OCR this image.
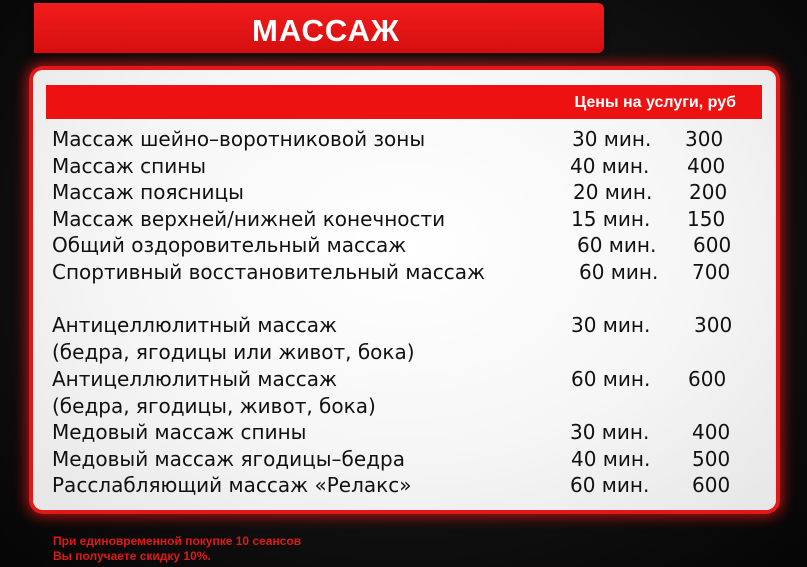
МАССАЖ
Цены на услуги, руб
Массаж шейно–воротниковой зоны	30 мин. 300
Массаж спины	40 мин. 400
Массаж поясницы	20 мин. 200
Массаж верхней/нижней конечности	15 мин. 150
Общий оздоровительный массаж	60 мин. 600
Спортивный восстановительный массаж	60 мин. 700
Антицеллюлитный массаж	30 мин. 300
(бедра, ягодицы или живот, бока)
Антицеллюлитный массаж	60 мин. 600
(бедра, ягодицы, живот, бока)
Медовый массаж спины	30 мин. 400
Медовый массаж ягодицы–бедра	40 мин. 500
Расслабляющий массаж «Релакс»	60 мин. 600
При единовременной покупке 10 сеансов
Вы получаете скидку 10%.
